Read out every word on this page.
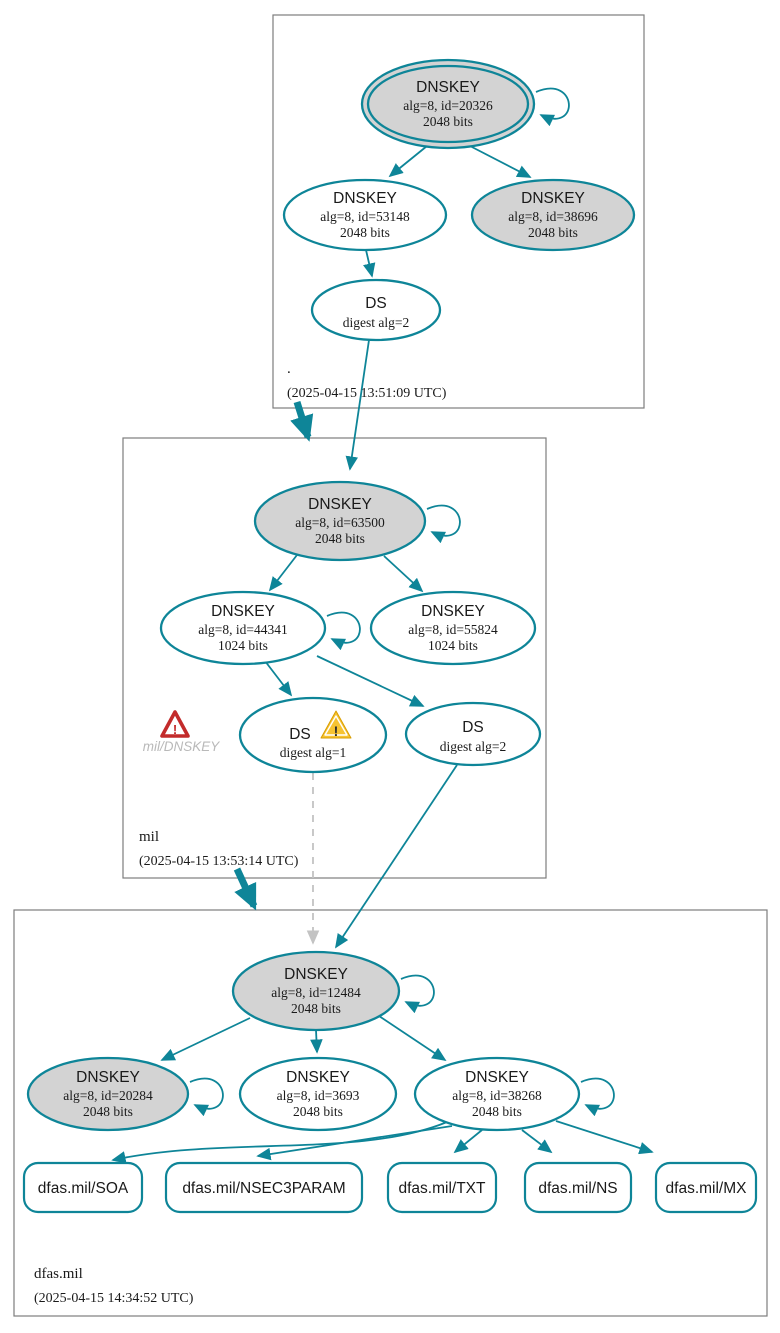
DNSKEY
alg=8, id=20326
2048 bits
DNSKEY
alg=8, id=53148
2048 bits
DNSKEY
alg=8, id=38696
2048 bits
DS
digest alg=2
.
(2025-04-15 13:51:09 UTC)
DNSKEY
alg=8, id=63500
2048 bits
DNSKEY
alg=8, id=44341
1024 bits
DNSKEY
alg=8, id=55824
1024 bits
DS !
digest alg=1
DS
digest alg=2
!
mil/DNSKEY
mil
(2025-04-15 13:53:14 UTC)
DNSKEY
alg=8, id=12484
2048 bits
DNSKEY
alg=8, id=20284
2048 bits
DNSKEY
alg=8, id=3693
2048 bits
DNSKEY
alg=8, id=38268
2048 bits
dfas.mil/SOA	dfas.mil/NSEC3PARAM	dfas.mil/TXT	dfas.mil/NS	dfas.mil/MX
dfas.mil
(2025-04-15 14:34:52 UTC)
